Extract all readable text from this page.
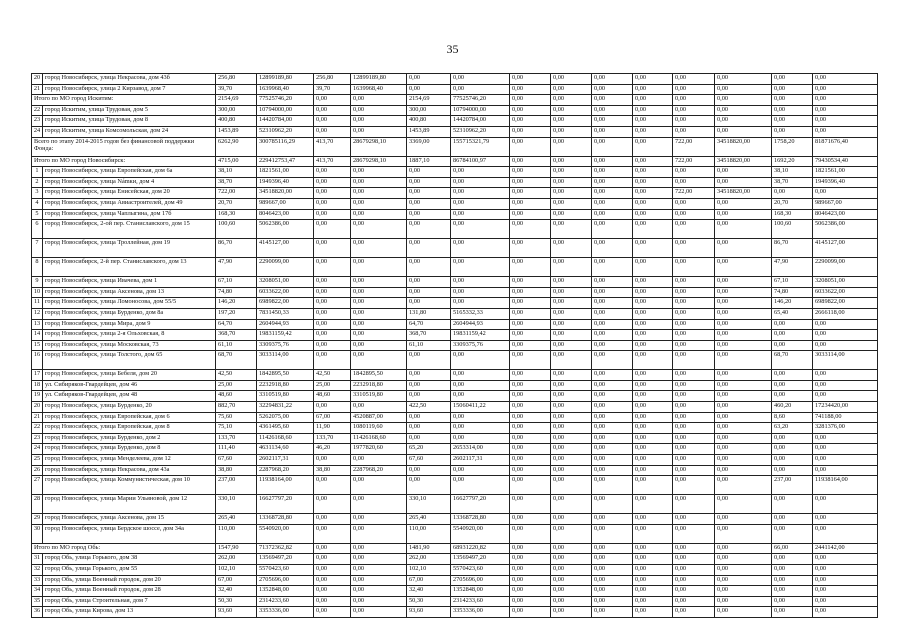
35
20	город Новосибирск, улица Некрасова, дом 43б	256,80	12899189,80	256,80	12899189,80	0,00	0,00	0,00	0,00	0,00	0,00	0,00	0,00	0,00	0,00
21	город Новосибирск, улица 2 Кирзавод, дом 7	39,70	1639968,40	39,70	1639968,40	0,00	0,00	0,00	0,00	0,00	0,00	0,00	0,00	0,00	0,00
Итого по МО город Искитим:		2154,69	77525746,20	0,00	0,00	2154,69	77525746,20	0,00	0,00	0,00	0,00	0,00	0,00	0,00	0,00
22	город Искитим, улица Трудовая, дом 5	300,00	10794000,00	0,00	0,00	300,00	10794000,00	0,00	0,00	0,00	0,00	0,00	0,00	0,00	0,00
23	город Искитим, улица Трудовая, дом 8	400,80	14420784,00	0,00	0,00	400,80	14420784,00	0,00	0,00	0,00	0,00	0,00	0,00	0,00	0,00
24	город Искитим, улица Комсомольская, дом 24	1453,89	52310962,20	0,00	0,00	1453,89	52310962,20	0,00	0,00	0,00	0,00	0,00	0,00	0,00	0,00
Всего по этапу 2014-2015 годов без финансовой поддержки Фонда:		6262,90	300785116,29	413,70	28679298,10	3369,00	155715321,79	0,00	0,00	0,00	0,00	722,00	34518820,00	1758,20	81871676,40
Итого по МО город Новосибирск:		4715,00	229412753,47	413,70	28679298,10	1887,10	86784100,97	0,00	0,00	0,00	0,00	722,00	34518820,00	1692,20	79430534,40
1	город Новосибирск, улица Европейская, дом 6а	38,10	1821561,00	0,00	0,00	0,00	0,00	0,00	0,00	0,00	0,00	0,00	0,00	38,10	1821561,00
2	город Новосибирск, улица Námки, дом 4	38,70	1949396,40	0,00	0,00	0,00	0,00	0,00	0,00	0,00	0,00	0,00	0,00	38,70	1949396,40
3	город Новосибирск, улица Енисейская, дом 20	722,00	34518820,00	0,00	0,00	0,00	0,00	0,00	0,00	0,00	0,00	722,00	34518820,00	0,00	0,00
4	город Новосибирск, улица Авиастроителей, дом 49	20,70	989667,00	0,00	0,00	0,00	0,00	0,00	0,00	0,00	0,00	0,00	0,00	20,70	989667,00
5	город Новосибирск, улица Чаплыгина, дом 17б	168,30	8046423,00	0,00	0,00	0,00	0,00	0,00	0,00	0,00	0,00	0,00	0,00	168,30	8046423,00
6	город Новосибирск, 2-ой пер. Станиславского, дом 15	100,60	5062386,00	0,00	0,00	0,00	0,00	0,00	0,00	0,00	0,00	0,00	0,00	100,60	5062386,00
7	город Новосибирск, улица Троллейная, дом 19	86,70	4145127,00	0,00	0,00	0,00	0,00	0,00	0,00	0,00	0,00	0,00	0,00	86,70	4145127,00
8	город Новосибирск, 2-й пер. Станиславского, дом 13	47,90	2290099,00	0,00	0,00	0,00	0,00	0,00	0,00	0,00	0,00	0,00	0,00	47,90	2290099,00
9	город Новосибирск, улица Ивачева, дом 1	67,10	3208051,00	0,00	0,00	0,00	0,00	0,00	0,00	0,00	0,00	0,00	0,00	67,10	3208051,00
10	город Новосибирск, улица Аксенова, дом 13	74,80	6033622,00	0,00	0,00	0,00	0,00	0,00	0,00	0,00	0,00	0,00	0,00	74,80	6033622,00
11	город Новосибирск, улица Ломоносова, дом 55/5	146,20	6989822,00	0,00	0,00	0,00	0,00	0,00	0,00	0,00	0,00	0,00	0,00	146,20	6989822,00
12	город Новосибирск, улица Бурденко, дом 8а	197,20	7831450,33	0,00	0,00	131,80	5165332,33	0,00	0,00	0,00	0,00	0,00	0,00	65,40	2666118,00
13	город Новосибирск, улица Мира, дом 9	64,70	2604944,93	0,00	0,00	64,70	2604944,93	0,00	0,00	0,00	0,00	0,00	0,00	0,00	0,00
14	город Новосибирск, улица 2-я Ольховская, 8	368,70	19831159,42	0,00	0,00	368,70	19831159,42	0,00	0,00	0,00	0,00	0,00	0,00	0,00	0,00
15	город Новосибирск, улица Московская, 73	61,10	3309375,76	0,00	0,00	61,10	3309375,76	0,00	0,00	0,00	0,00	0,00	0,00	0,00	0,00
16	город Новосибирск, улица Толстого, дом 65	68,70	3033114,00	0,00	0,00	0,00	0,00	0,00	0,00	0,00	0,00	0,00	0,00	68,70	3033114,00
17	город Новосибирск, улица Бебеля, дом 20	42,50	1842895,50	42,50	1842895,50	0,00	0,00	0,00	0,00	0,00	0,00	0,00	0,00	0,00	0,00
18	ул. Сибиряков-Гвардейцев, дом 46	25,00	2232918,80	25,00	2232918,80	0,00	0,00	0,00	0,00	0,00	0,00	0,00	0,00	0,00	0,00
19	ул. Сибиряков-Гвардейцев, дом 48	48,60	3310519,80	48,60	3310519,80	0,00	0,00	0,00	0,00	0,00	0,00	0,00	0,00	0,00	0,00
20	город Новосибирск, улица Бурденко, 20	882,70	32294831,22	0,00	0,00	422,50	15060411,22	0,00	0,00	0,00	0,00	0,00	0,00	460,20	17234420,00
21	город Новосибирск, улица Европейская, дом 6	75,60	5262075,00	67,00	4520887,00	0,00	0,00	0,00	0,00	0,00	0,00	0,00	0,00	8,60	741188,00
22	город Новосибирск, улица Европейская, дом 8	75,10	4361495,60	11,90	1080119,60	0,00	0,00	0,00	0,00	0,00	0,00	0,00	0,00	63,20	3281376,00
23	город Новосибирск, улица Бурденко, дом 2	133,70	11426168,60	133,70	11426168,60	0,00	0,00	0,00	0,00	0,00	0,00	0,00	0,00	0,00	0,00
24	город Новосибирск, улица Бурденко, дом 8	111,40	4631134,60	46,20	1977820,60	65,20	2653314,00	0,00	0,00	0,00	0,00	0,00	0,00	0,00	0,00
25	город Новосибирск, улица Менделеева, дом 12	67,60	2602117,31	0,00	0,00	67,60	2602117,31	0,00	0,00	0,00	0,00	0,00	0,00	0,00	0,00
26	город Новосибирск, улица Некрасова, дом 43а	38,80	2287968,20	38,80	2287968,20	0,00	0,00	0,00	0,00	0,00	0,00	0,00	0,00	0,00	0,00
27	город Новосибирск, улица Коммунистическая, дом 10	237,00	11938164,00	0,00	0,00	0,00	0,00	0,00	0,00	0,00	0,00	0,00	0,00	237,00	11938164,00
28	город Новосибирск, улица Марии Ульяновой, дом 12	330,10	16627797,20	0,00	0,00	330,10	16627797,20	0,00	0,00	0,00	0,00	0,00	0,00	0,00	0,00
29	город Новосибирск, улица Аксенова, дом 15	265,40	13368728,80	0,00	0,00	265,40	13368728,80	0,00	0,00	0,00	0,00	0,00	0,00	0,00	0,00
30	город Новосибирск, улица Бердское шоссе, дом 34а	110,00	5540920,00	0,00	0,00	110,00	5540920,00	0,00	0,00	0,00	0,00	0,00	0,00	0,00	0,00
Итого по МО город Обь:		1547,90	71372362,82	0,00	0,00	1481,90	68931220,82	0,00	0,00	0,00	0,00	0,00	0,00	66,00	2441142,00
31	город Обь, улица Горького, дом 38	262,00	13569497,20	0,00	0,00	262,00	13569497,20	0,00	0,00	0,00	0,00	0,00	0,00	0,00	0,00
32	город Обь, улица Горького, дом 55	102,10	5570423,60	0,00	0,00	102,10	5570423,60	0,00	0,00	0,00	0,00	0,00	0,00	0,00	0,00
33	город Обь, улица Военный городок, дом 20	67,00	2705696,00	0,00	0,00	67,00	2705696,00	0,00	0,00	0,00	0,00	0,00	0,00	0,00	0,00
34	город Обь, улица Военный городок, дом 28	32,40	1352848,00	0,00	0,00	32,40	1352848,00	0,00	0,00	0,00	0,00	0,00	0,00	0,00	0,00
35	город Обь, улица Строительная, дом 7	50,30	2314233,60	0,00	0,00	50,30	2314233,60	0,00	0,00	0,00	0,00	0,00	0,00	0,00	0,00
36	город Обь, улица Кирова, дом 13	93,60	3353336,00	0,00	0,00	93,60	3353336,00	0,00	0,00	0,00	0,00	0,00	0,00	0,00	0,00
